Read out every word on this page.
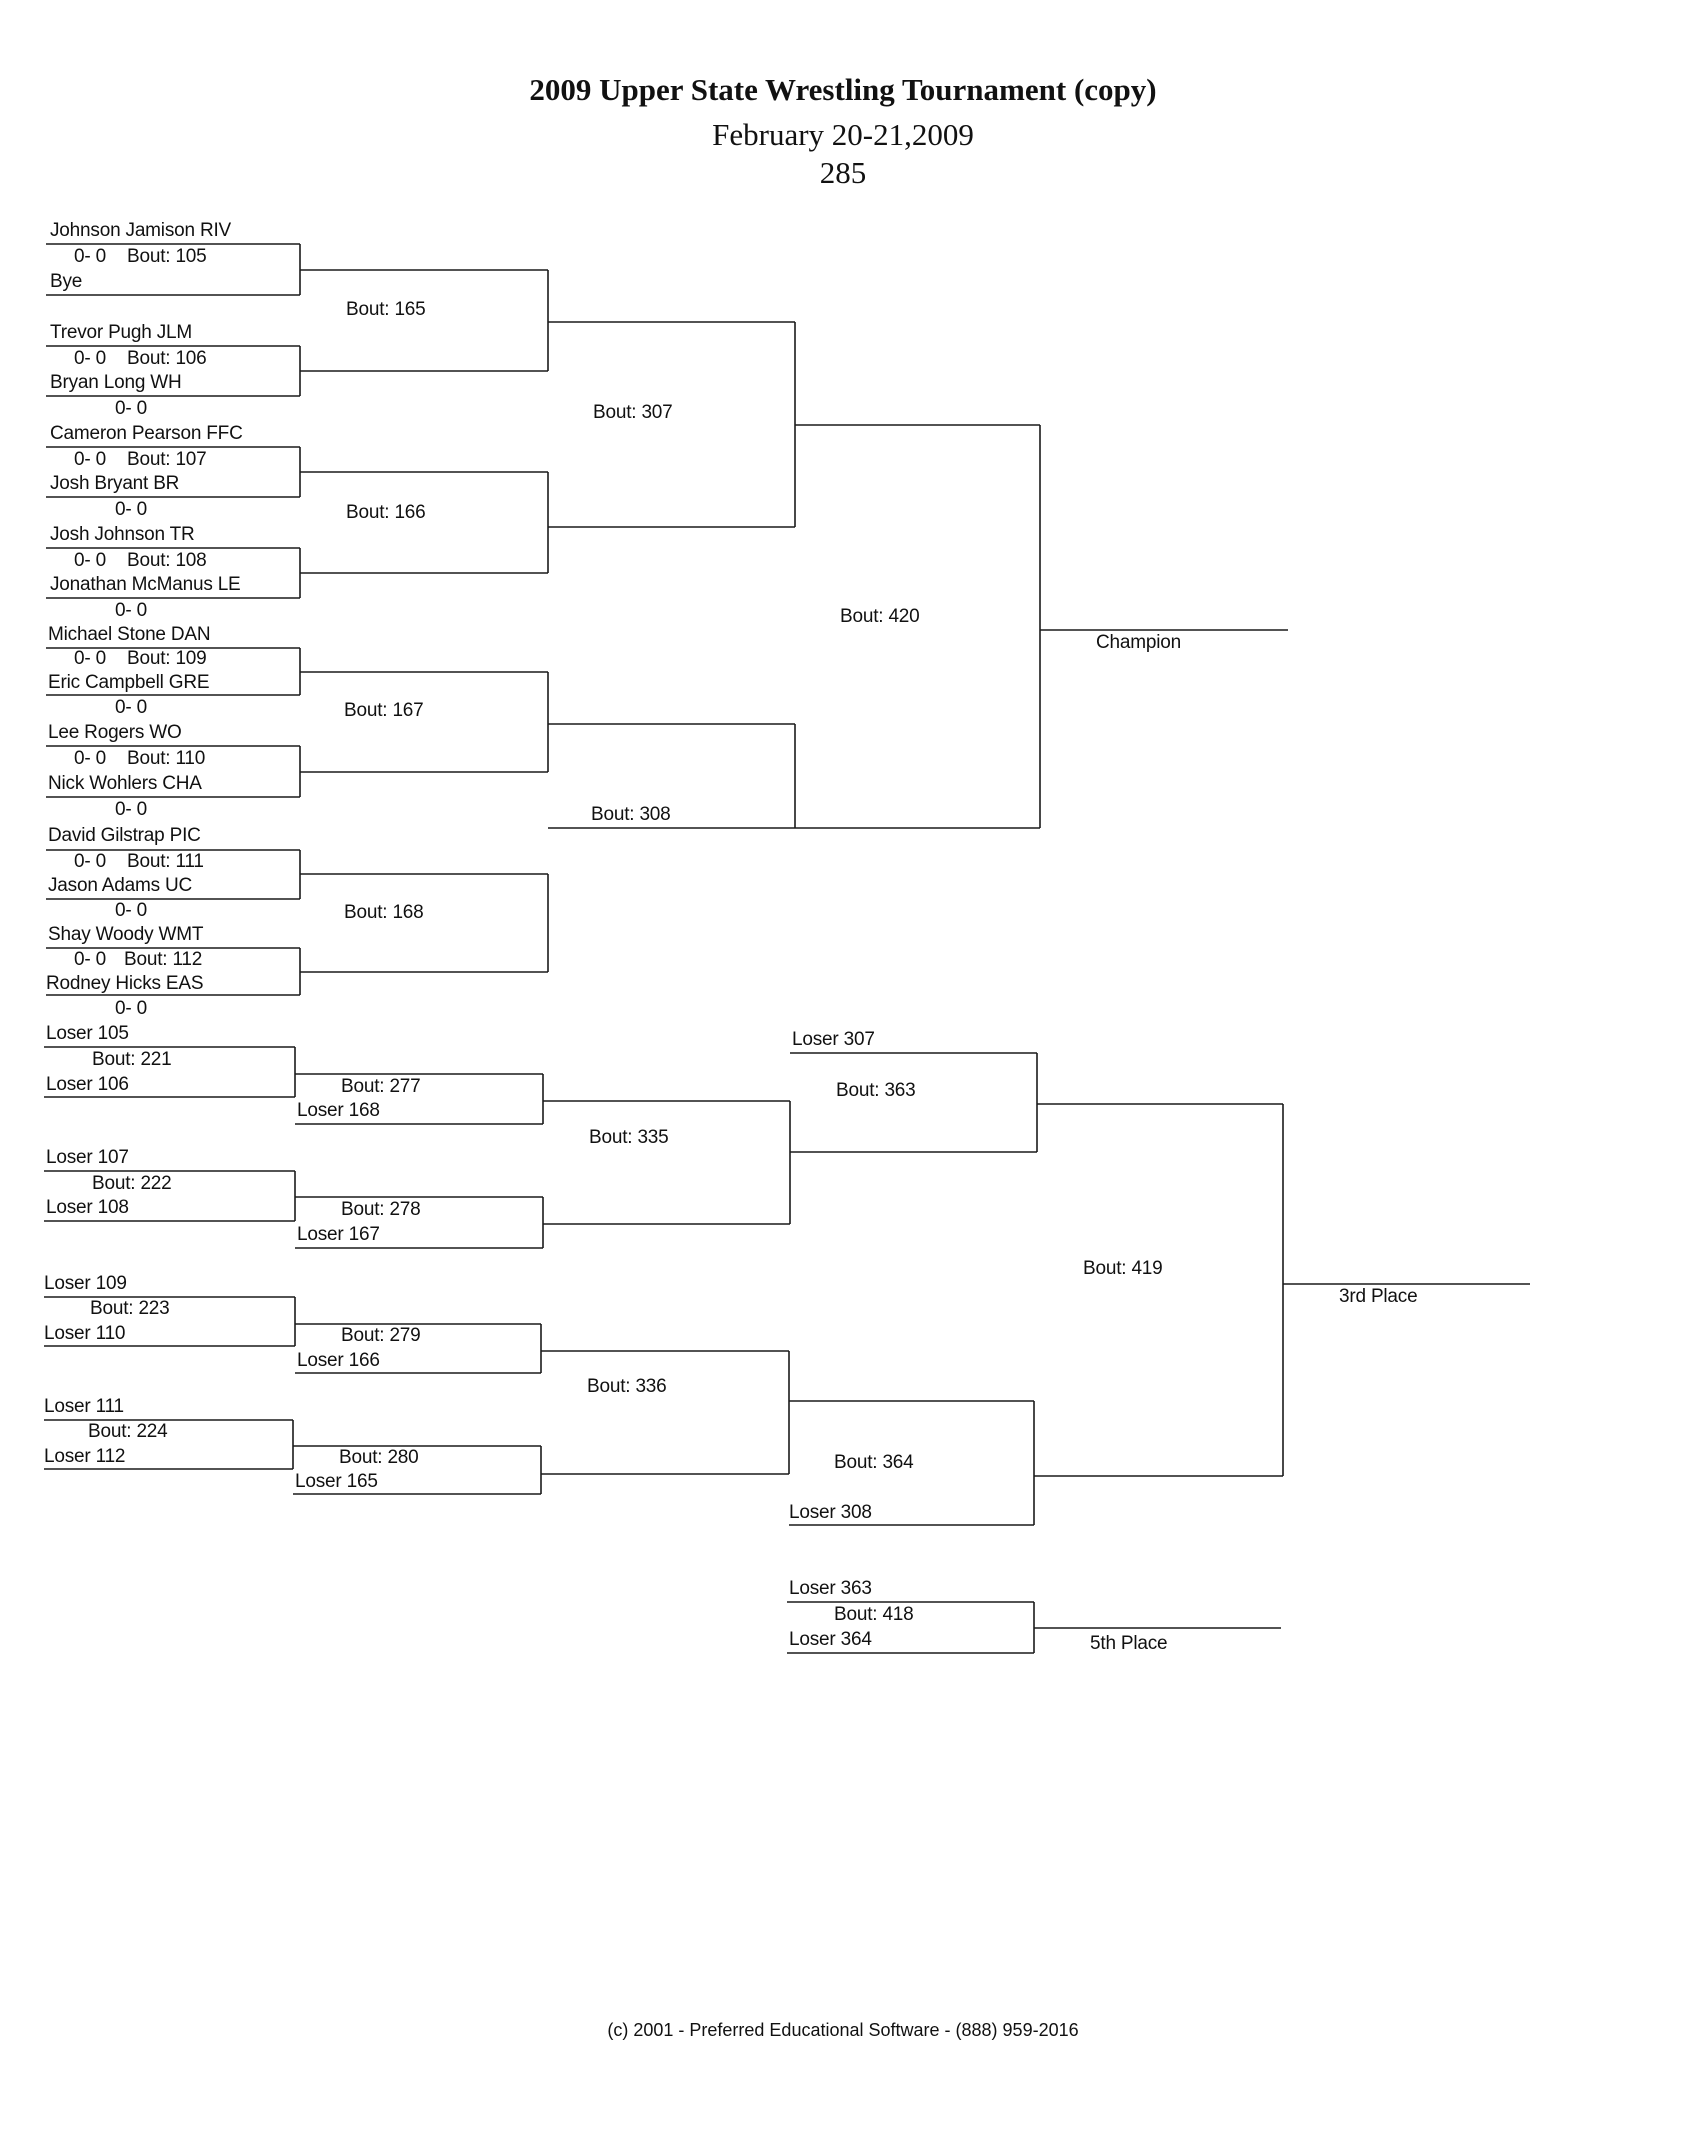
2009 Upper State Wrestling Tournament (copy)
February 20-21,2009
285
Johnson Jamison RIV
0- 0 Bout: 105
Bye
Trevor Pugh JLM
0- 0 Bout: 106
Bryan Long WH
0- 0
Cameron Pearson FFC
0- 0 Bout: 107
Josh Bryant BR
0- 0
Josh Johnson TR
0- 0 Bout: 108
Jonathan McManus LE
0- 0
Michael Stone DAN
0- 0 Bout: 109
Eric Campbell GRE
0- 0
Lee Rogers WO
0- 0 Bout: 110
Nick Wohlers CHA
0- 0
David Gilstrap PIC
0- 0 Bout: 111
Jason Adams UC
0- 0
Shay Woody WMT
0- 0 Bout: 112
Rodney Hicks EAS
0- 0
Bout: 165
Bout: 166
Bout: 167
Bout: 168
Bout: 307
Bout: 308
Bout: 420
Champion
Loser 105
Bout: 221
Loser 106
Loser 107
Bout: 222
Loser 108
Loser 109
Bout: 223
Loser 110
Loser 111
Bout: 224
Loser 112
Bout: 277
Loser 168
Bout: 278
Loser 167
Bout: 279
Loser 166
Bout: 280
Loser 165
Bout: 335
Bout: 336
Loser 307
Bout: 363
Bout: 364
Loser 308
Bout: 419
3rd Place
Loser 363
Bout: 418
Loser 364	5th Place
(c) 2001 - Preferred Educational Software - (888) 959-2016
